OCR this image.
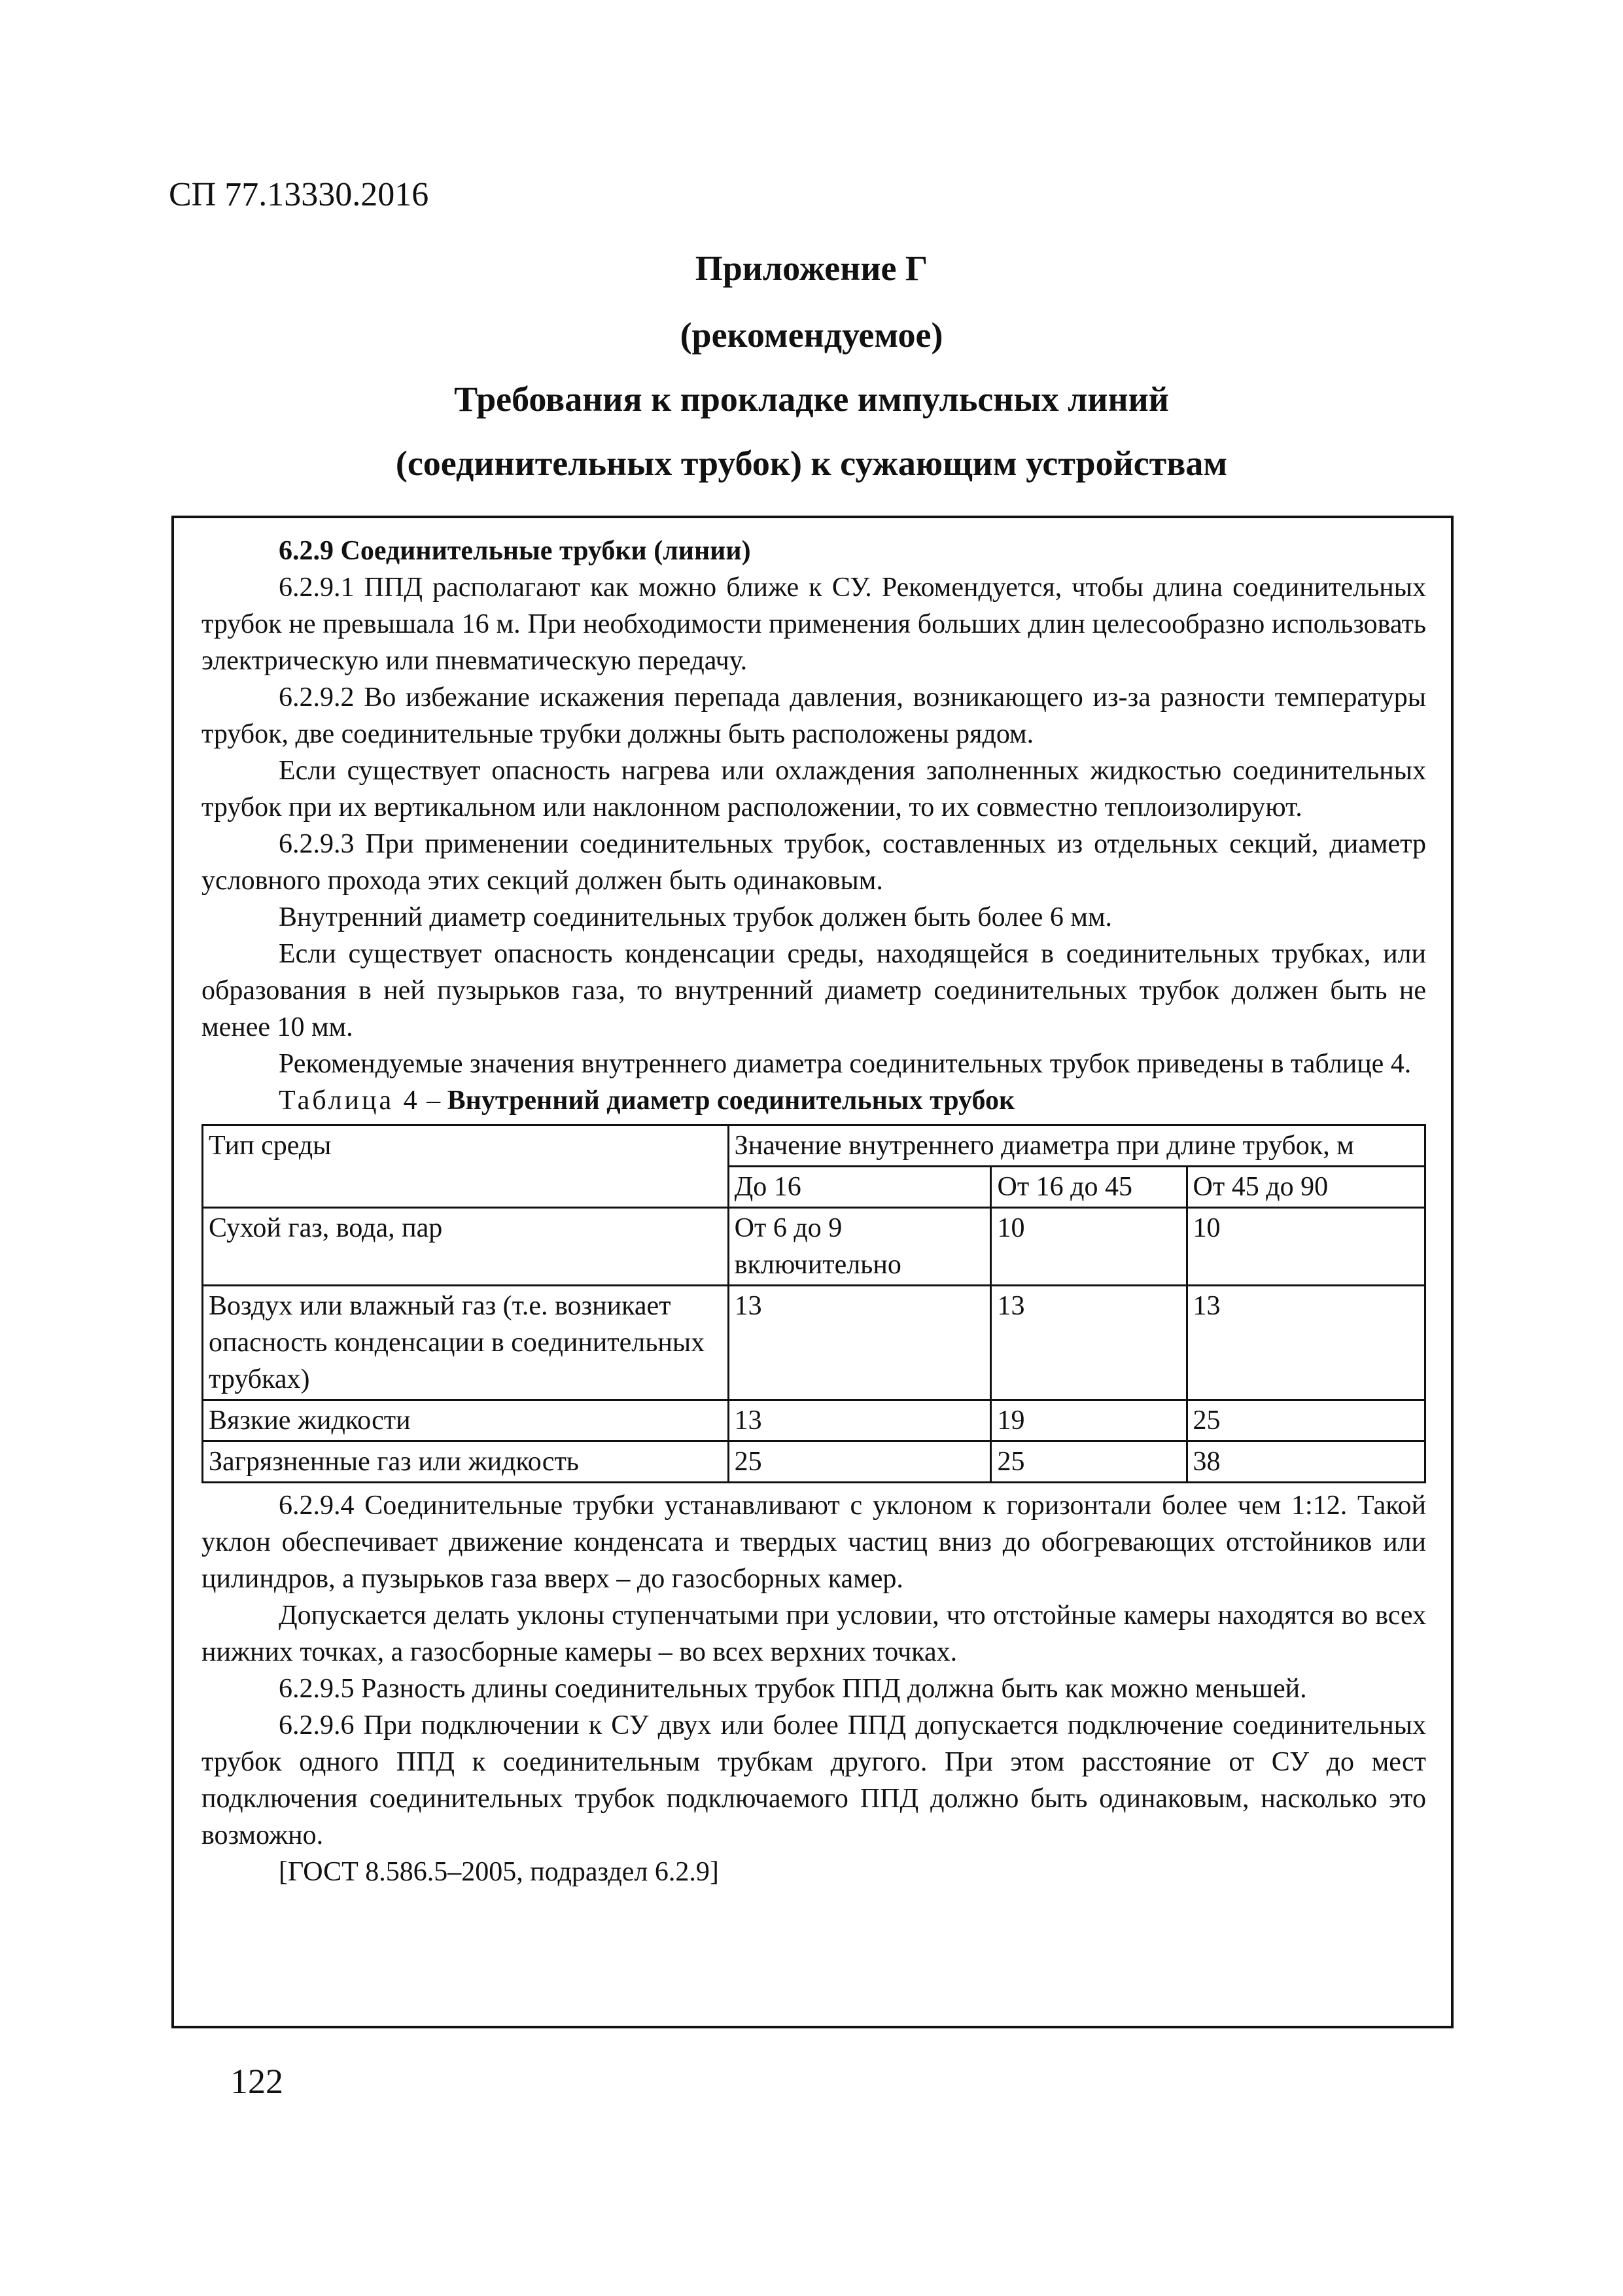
СП 77.13330.2016
Приложение Г
(рекомендуемое)
Требования к прокладке импульсных линий
(соединительных трубок) к сужающим устройствам

6.2.9 Соединительные трубки (линии)

6.2.9.1 ППД располагают как можно ближе к СУ. Рекомендуется, чтобы длина соединительных трубок не превышала 16 м. При необходимости применения больших длин целесообразно использовать электрическую или пневматическую передачу.

6.2.9.2 Во избежание искажения перепада давления, возникающего из-за разности температуры трубок, две соединительные трубки должны быть расположены рядом.

Если существует опасность нагрева или охлаждения заполненных жидкостью соединительных трубок при их вертикальном или наклонном расположении, то их совместно теплоизолируют.

6.2.9.3 При применении соединительных трубок, составленных из отдельных секций, диаметр условного прохода этих секций должен быть одинаковым.

Внутренний диаметр соединительных трубок должен быть более 6 мм.

Если существует опасность конденсации среды, находящейся в соединительных трубках, или образования в ней пузырьков газа, то внутренний диаметр соединительных трубок должен быть не менее 10 мм.

Рекомендуемые значения внутреннего диаметра соединительных трубок приведены в таблице 4.

Таблица 4 – Внутренний диаметр соединительных трубок

Тип среды	Значение внутреннего диаметра при длине трубок, м		
	До 16	От 16 до 45	От 45 до 90
Сухой газ, вода, пар	От 6 до 9 включительно	10	10
Воздух или влажный газ (т.е. возникает опасность конденсации в соединительных трубках)	13	13	13
Вязкие жидкости	13	19	25
Загрязненные газ или жидкость	25	25	38

6.2.9.4 Соединительные трубки устанавливают с уклоном к горизонтали более чем 1:12. Такой уклон обеспечивает движение конденсата и твердых частиц вниз до обогревающих отстойников или цилиндров, а пузырьков газа вверх – до газосборных камер.

Допускается делать уклоны ступенчатыми при условии, что отстойные камеры находятся во всех нижних точках, а газосборные камеры – во всех верхних точках.

6.2.9.5 Разность длины соединительных трубок ППД должна быть как можно меньшей.

6.2.9.6 При подключении к СУ двух или более ППД допускается подключение соединительных трубок одного ППД к соединительным трубкам другого. При этом расстояние от СУ до мест подключения соединительных трубок подключаемого ППД должно быть одинаковым, насколько это возможно.

[ГОСТ 8.586.5–2005, подраздел 6.2.9]

122
